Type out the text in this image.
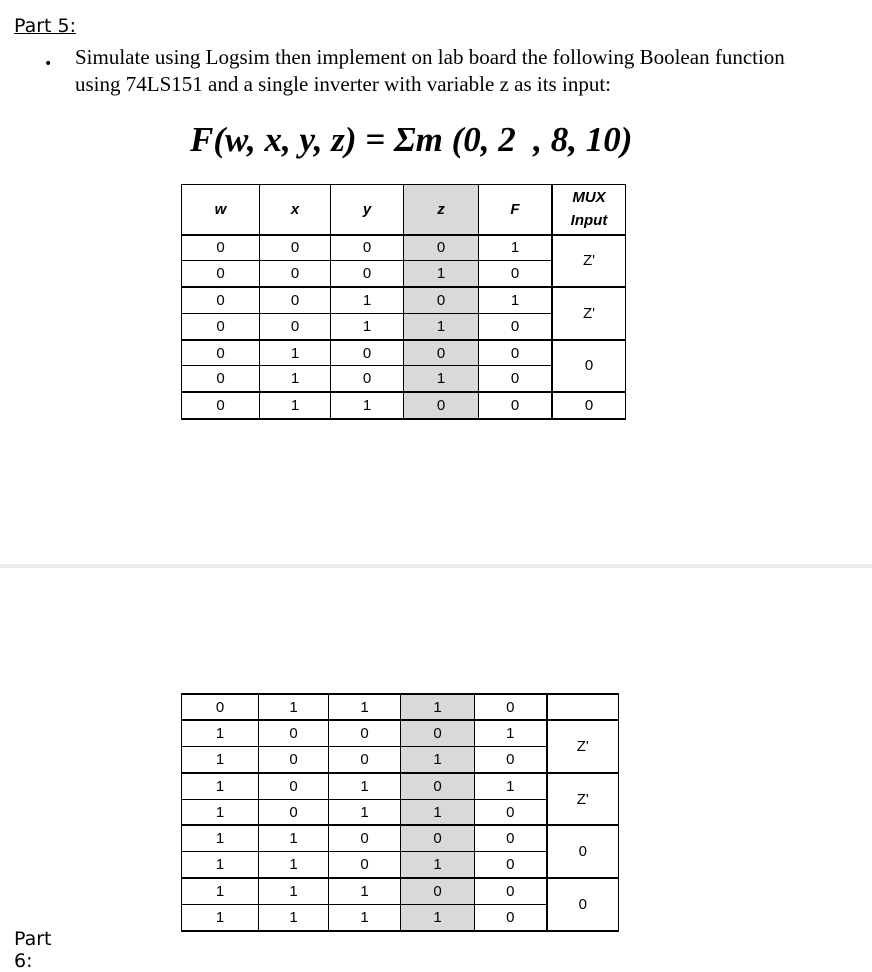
Part 5:
• Simulate using Logsim then implement on lab board the following Boolean function using 74LS151 and a single inverter with variable z as its input:
F(w, x, y, z) = Σm (0, 2  , 8, 10)
w	x	y	z	F	MUX
Input
0	0	0	0	1	Z'
0	0	0	1	0	
0	0	1	0	1	Z'
0	0	1	1	0	
0	1	0	0	0	0
0	1	0	1	0	
0	1	1	0	0	0
0	1	1	1	0	
1	0	0	0	1	Z'
1	0	0	1	0	
1	0	1	0	1	Z'
1	0	1	1	0	
1	1	0	0	0	0
1	1	0	1	0	
1	1	1	0	0	0
1	1	1	1	0	
Part 6:
